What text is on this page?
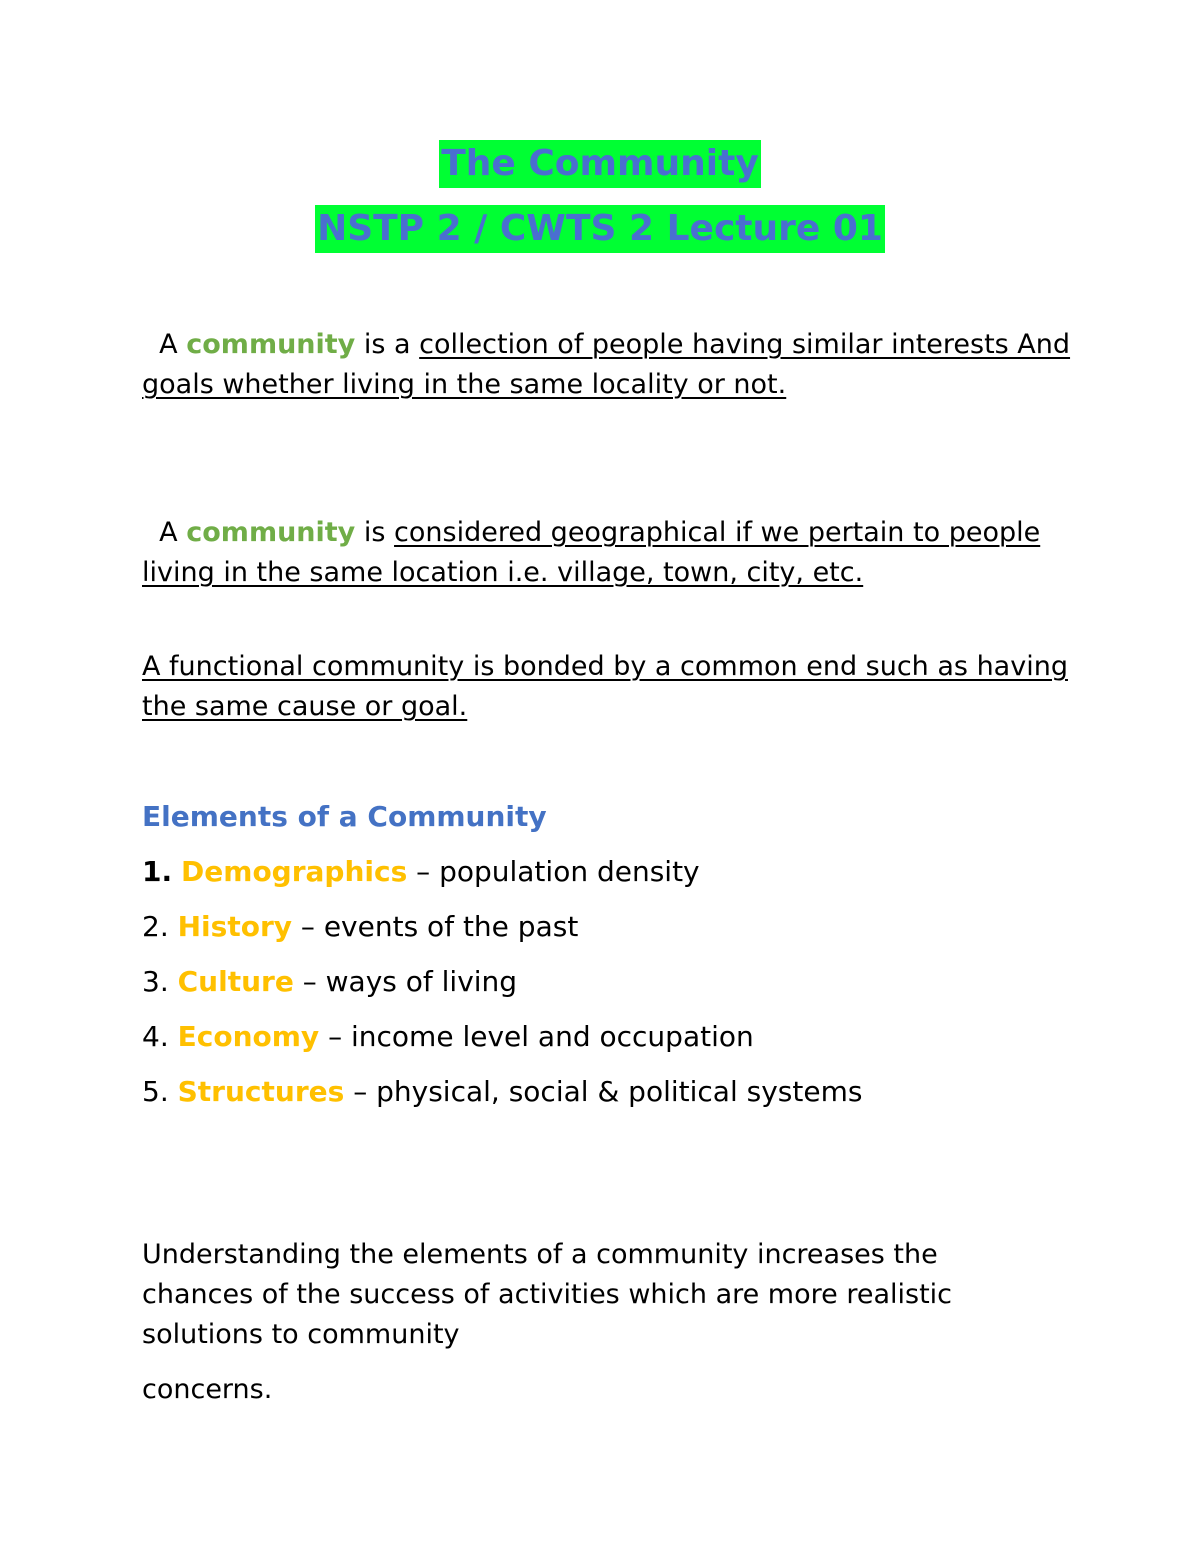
The Community
NSTP 2 / CWTS 2 Lecture 01
A community is a collection of people having similar interests And goals whether living in the same locality or not.
A community is considered geographical if we pertain to people living in the same location i.e. village, town, city, etc.
A functional community is bonded by a common end such as having the same cause or goal.
Elements of a Community
1. Demographics – population density
2. History – events of the past
3. Culture – ways of living
4. Economy – income level and occupation
5. Structures – physical, social & political systems
Understanding the elements of a community increases the chances of the success of activities which are more realistic solutions to community
concerns.
